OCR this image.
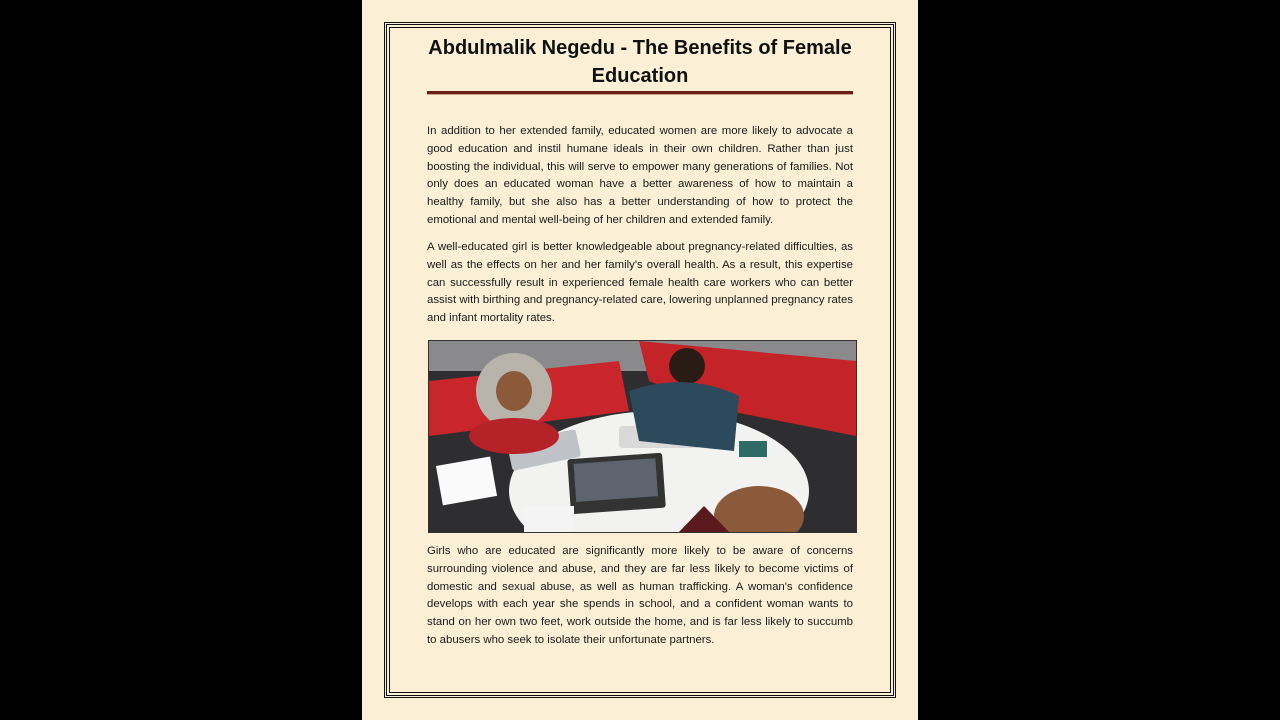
Abdulmalik Negedu - The Benefits of Female Education

In addition to her extended family, educated women are more likely to advocate a good education and instil humane ideals in their own children. Rather than just boosting the individual, this will serve to empower many generations of families. Not only does an educated woman have a better awareness of how to maintain a healthy family, but she also has a better understanding of how to protect the emotional and mental well-being of her children and extended family.

A well-educated girl is better knowledgeable about pregnancy-related difficulties, as well as the effects on her and her family's overall health. As a result, this expertise can successfully result in experienced female health care workers who can better assist with birthing and pregnancy-related care, lowering unplanned pregnancy rates and infant mortality rates.

Girls who are educated are significantly more likely to be aware of concerns surrounding violence and abuse, and they are far less likely to become victims of domestic and sexual abuse, as well as human trafficking. A woman's confidence develops with each year she spends in school, and a confident woman wants to stand on her own two feet, work outside the home, and is far less likely to succumb to abusers who seek to isolate their unfortunate partners.
